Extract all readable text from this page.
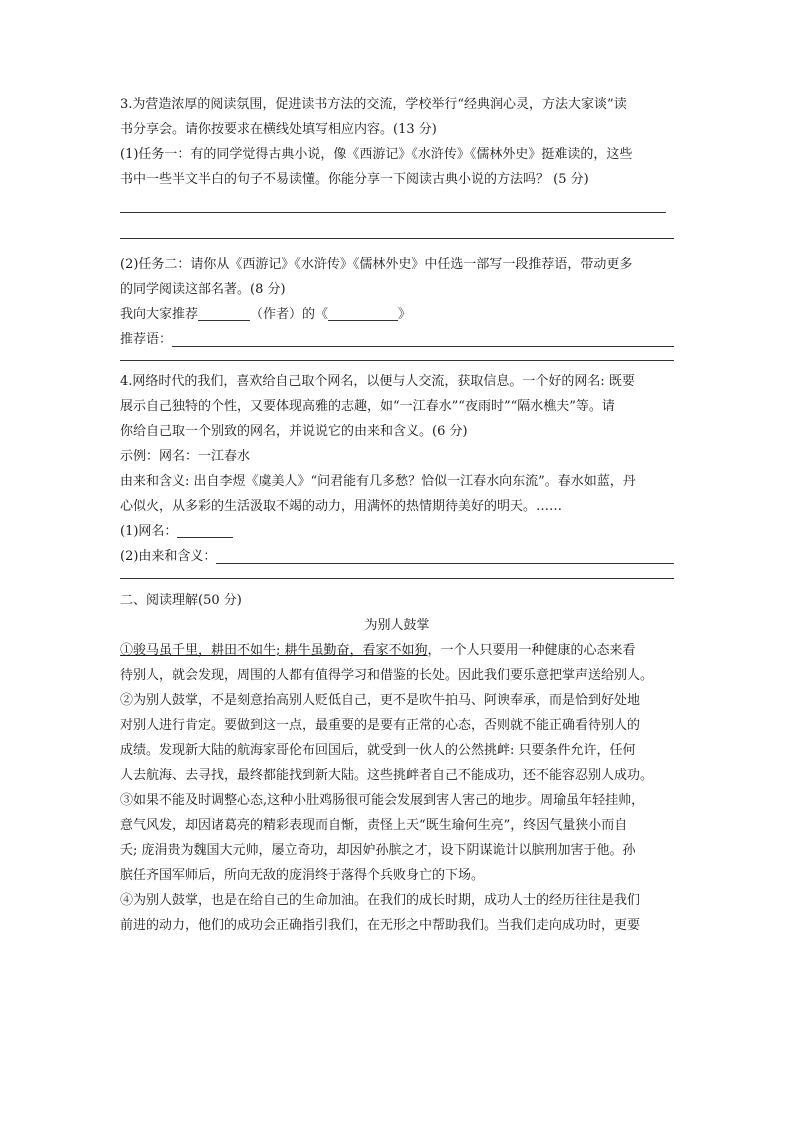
3.为营造浓厚的阅读氛围，促进读书方法的交流，学校举行“经典润心灵，方法大家谈”读

书分享会。请你按要求在横线处填写相应内容。(13 分)

(1)任务一：有的同学觉得古典小说，像《西游记》《水浒传》《儒林外史》挺难读的，这些

书中一些半文半白的句子不易读懂。你能分享一下阅读古典小说的方法吗？ (5 分)

(2)任务二：请你从《西游记》《水浒传》《儒林外史》中任选一部写一段推荐语，带动更多

的同学阅读这部名著。(8 分)

我向大家推荐	（作者）的《	》

推荐语：

4.网络时代的我们，喜欢给自己取个网名，以便与人交流，获取信息。一个好的网名: 既要

展示自己独特的个性，又要体现高雅的志趣，如“一江春水”“夜雨时”“隔水樵夫”等。请

你给自己取一个别致的网名，并说说它的由来和含义。(6 分)

示例：网名：一江春水

由来和含义: 出自李煜《虞美人》“问君能有几多愁？恰似一江春水向东流”。春水如蓝，丹

心似火，从多彩的生活汲取不竭的动力，用满怀的热情期待美好的明天。……

(1)网名：

(2)由来和含义：

二、阅读理解(50 分)

为别人鼓掌

①骏马虽千里，耕田不如牛; 耕牛虽勤奋，看家不如狗，一个人只要用一种健康的心态来看

待别人，就会发现，周围的人都有值得学习和借鉴的长处。因此我们要乐意把掌声送给别人。

②为别人鼓掌，不是刻意抬高别人贬低自己，更不是吹牛拍马、阿谀奉承，而是恰到好处地

对别人进行肯定。要做到这一点，最重要的是要有正常的心态，否则就不能正确看待别人的

成绩。发现新大陆的航海家哥伦布回国后，就受到一伙人的公然挑衅: 只要条件允许，任何

人去航海、去寻找，最终都能找到新大陆。这些挑衅者自己不能成功，还不能容忍别人成功。

③如果不能及时调整心态,这种小肚鸡肠很可能会发展到害人害己的地步。周瑜虽年轻挂帅，

意气风发，却因诸葛亮的精彩表现而自惭，责怪上天“既生瑜何生亮”，终因气量狭小而自

夭; 庞涓贵为魏国大元帅，屡立奇功，却因妒孙膑之才，设下阴谋诡计以膑刑加害于他。孙

膑任齐国军师后，所向无敌的庞涓终于落得个兵败身亡的下场。

④为别人鼓掌，也是在给自己的生命加油。在我们的成长时期，成功人士的经历往往是我们

前进的动力，他们的成功会正确指引我们，在无形之中帮助我们。当我们走向成功时，更要
